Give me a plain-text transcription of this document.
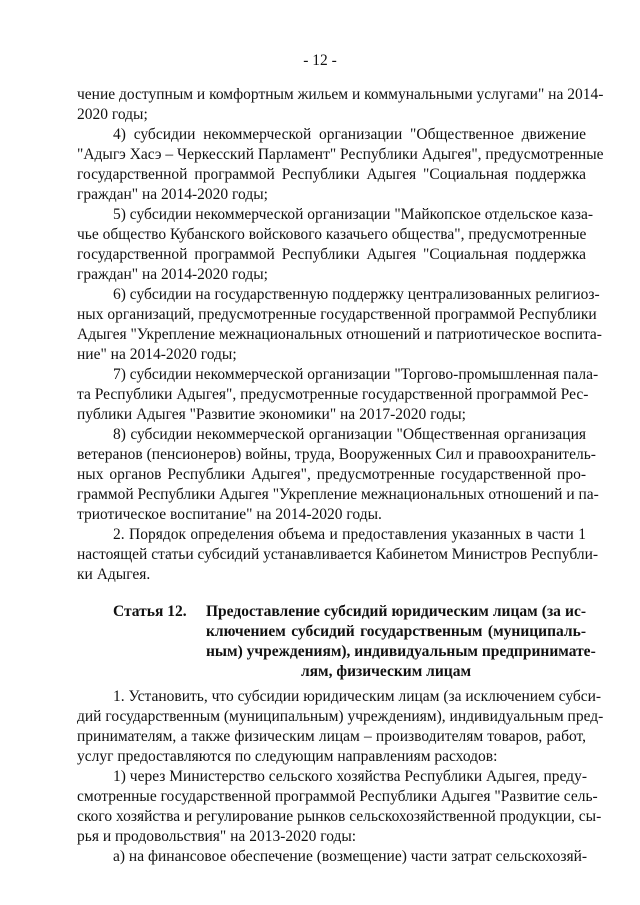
- 12 -
чение доступным и комфортным жильем и коммунальными услугами" на 2014-
2020 годы;
4) субсидии некоммерческой организации "Общественное движение
"Адыгэ Хасэ – Черкесский Парламент" Республики Адыгея", предусмотренные
государственной программой Республики Адыгея "Социальная поддержка
граждан" на 2014-2020 годы;
5) субсидии некоммерческой организации "Майкопское отдельское каза-
чье общество Кубанского войскового казачьего общества", предусмотренные
государственной программой Республики Адыгея "Социальная поддержка
граждан" на 2014-2020 годы;
6) субсидии на государственную поддержку централизованных религиоз-
ных организаций, предусмотренные государственной программой Республики
Адыгея "Укрепление межнациональных отношений и патриотическое воспита-
ние" на 2014-2020 годы;
7) субсидии некоммерческой организации "Торгово-промышленная пала-
та Республики Адыгея", предусмотренные государственной программой Рес-
публики Адыгея "Развитие экономики" на 2017-2020 годы;
8) субсидии некоммерческой организации "Общественная организация
ветеранов (пенсионеров) войны, труда, Вооруженных Сил и правоохранитель-
ных органов Республики Адыгея", предусмотренные государственной про-
граммой Республики Адыгея "Укрепление межнациональных отношений и па-
триотическое воспитание" на 2014-2020 годы.
2. Порядок определения объема и предоставления указанных в части 1
настоящей статьи субсидий устанавливается Кабинетом Министров Республи-
ки Адыгея.
Статья 12. Предоставление субсидий юридическим лицам (за ис-
ключением субсидий государственным (муниципаль-
ным) учреждениям), индивидуальным предпринимате-
лям, физическим лицам
1. Установить, что субсидии юридическим лицам (за исключением субси-
дий государственным (муниципальным) учреждениям), индивидуальным пред-
принимателям, а также физическим лицам – производителям товаров, работ,
услуг предоставляются по следующим направлениям расходов:
1) через Министерство сельского хозяйства Республики Адыгея, преду-
смотренные государственной программой Республики Адыгея "Развитие сель-
ского хозяйства и регулирование рынков сельскохозяйственной продукции, сы-
рья и продовольствия" на 2013-2020 годы:
а) на финансовое обеспечение (возмещение) части затрат сельскохозяй-
